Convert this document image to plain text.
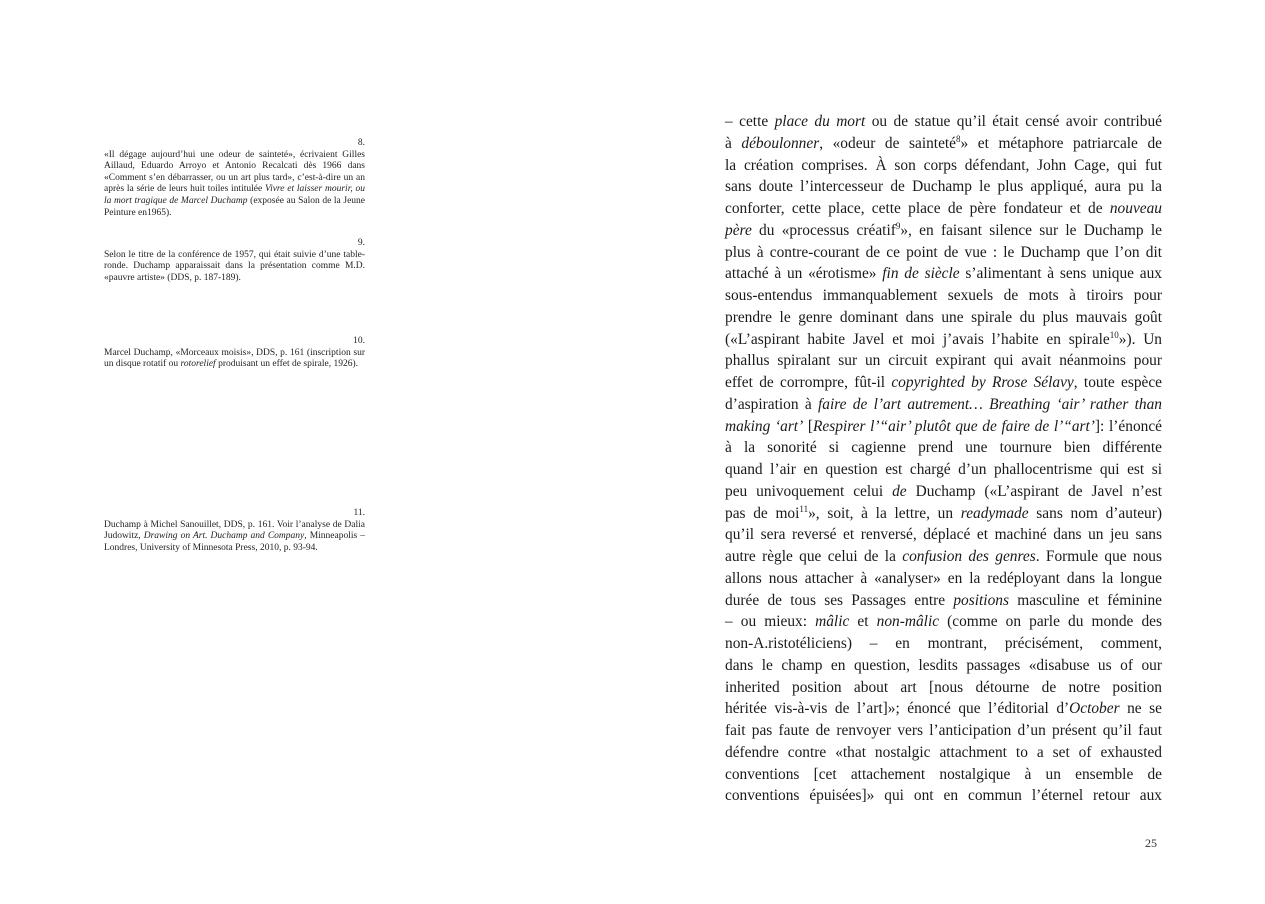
8.
«Il dégage aujourd’hui une odeur de sainteté», écrivaient Gilles Aillaud, Eduardo Arroyo et Antonio Recalcati dès 1966 dans «Comment s’en débarrasser, ou un art plus tard», c’est-à-dire un an après la série de leurs huit toiles intitulée Vivre et laisser mourir, ou la mort tragique de Marcel Duchamp (exposée au Salon de la Jeune Peinture en1965).
9.
Selon le titre de la conférence de 1957, qui était suivie d’une table-ronde. Duchamp apparaissait dans la présentation comme M.D. «pauvre artiste» (DDS, p. 187-189).
10.
Marcel Duchamp, «Morceaux moisis», DDS, p. 161 (inscription sur un disque rotatif ou rotorelief produisant un effet de spirale, 1926).
11.
Duchamp à Michel Sanouillet, DDS, p. 161. Voir l’analyse de Dalia Judowitz, Drawing on Art. Duchamp and Company, Minneapolis – Londres, University of Minnesota Press, 2010, p. 93-94.
– cette place du mort ou de statue qu’il était censé avoir contribué
à déboulonner, «odeur de sainteté$^8$» et métaphore patriarcale de
la création comprises. À son corps défendant, John Cage, qui fut
sans doute l’intercesseur de Duchamp le plus appliqué, aura pu la
conforter, cette place, cette place de père fondateur et de nouveau
père du «processus créatif$^9$», en faisant silence sur le Duchamp le
plus à contre-courant de ce point de vue : le Duchamp que l’on dit
attaché à un «érotisme» fin de siècle s’alimentant à sens unique aux
sous-entendus immanquablement sexuels de mots à tiroirs pour
prendre le genre dominant dans une spirale du plus mauvais goût
(«L’aspirant habite Javel et moi j’avais l’habite en spirale$^{10}$»). Un
phallus spiralant sur un circuit expirant qui avait néanmoins pour
effet de corrompre, fût-il copyrighted by Rrose Sélavy, toute espèce
d’aspiration à faire de l’art autrement… Breathing ‘air’ rather than
making ‘art’ [Respirer l’“air’ plutôt que de faire de l’“art’]: l’énoncé
à la sonorité si cagienne prend une tournure bien différente
quand l’air en question est chargé d’un phallocentrisme qui est si
peu univoquement celui de Duchamp («L’aspirant de Javel n’est
pas de moi$^{11}$», soit, à la lettre, un readymade sans nom d’auteur)
qu’il sera reversé et renversé, déplacé et machiné dans un jeu sans
autre règle que celui de la confusion des genres. Formule que nous
allons nous attacher à «analyser» en la redéployant dans la longue
durée de tous ses Passages entre positions masculine et féminine
– ou mieux: mâlic et non-mâlic (comme on parle du monde des
non-A.ristotéliciens) – en montrant, précisément, comment,
dans le champ en question, lesdits passages «disabuse us of our
inherited position about art [nous détourne de notre position
héritée vis-à-vis de l’art]»; énoncé que l’éditorial d’October ne se
fait pas faute de renvoyer vers l’anticipation d’un présent qu’il faut
défendre contre «that nostalgic attachment to a set of exhausted
conventions [cet attachement nostalgique à un ensemble de
conventions épuisées]» qui ont en commun l’éternel retour aux
25
